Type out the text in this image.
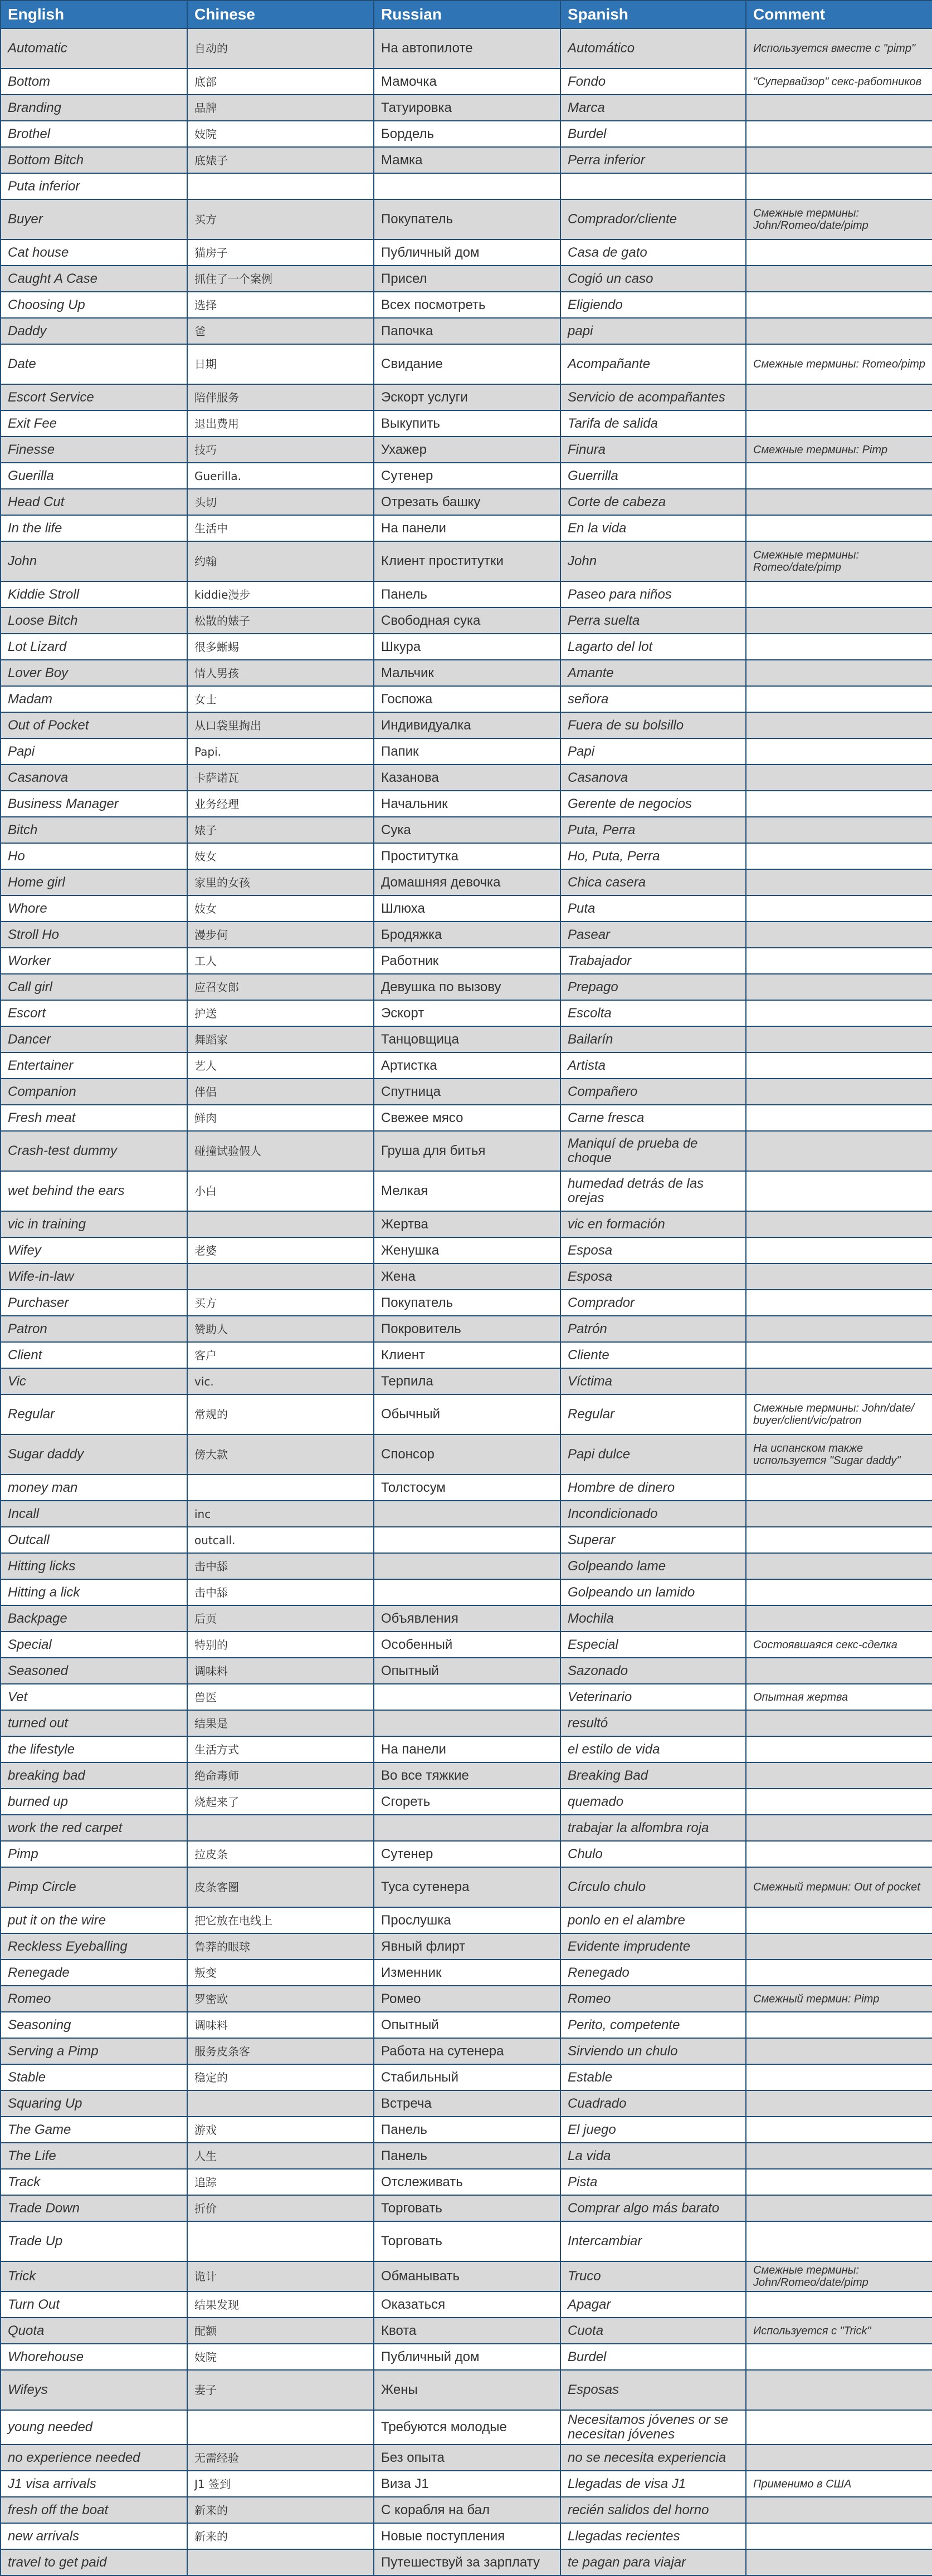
English	Chinese	Russian	Spanish	Comment
Automatic	自动的	На автопилоте	Automático	Используется вместе с "pimp"
Bottom	底部	Мамочка	Fondo	"Супервайзор" секс-работников
Branding	品牌	Татуировка	Marca	
Brothel	妓院	Бордель	Burdel	
Bottom Bitch	底婊子	Мамка	Perra inferior	
Puta inferior				
Buyer	买方	Покупатель	Comprador/cliente	Смежные термины: John/Romeo/date/pimp
Cat house	猫房子	Публичный дом	Casa de gato	
Caught A Case	抓住了一个案例	Присел	Cogió un caso	
Choosing Up	选择	Всех посмотреть	Eligiendo	
Daddy	爸	Папочка	papi	
Date	日期	Свидание	Acompañante	Смежные термины: Romeo/pimp
Escort Service	陪伴服务	Эскорт услуги	Servicio de acompañantes	
Exit Fee	退出费用	Выкупить	Tarifa de salida	
Finesse	技巧	Ухажер	Finura	Смежные термины: Pimp
Guerilla	Guerilla.	Сутенер	Guerrilla	
Head Cut	头切	Отрезать башку	Corte de cabeza	
In the life	生活中	На панели	En la vida	
John	约翰	Клиент проститутки	John	Смежные термины: Romeo/date/pimp
Kiddie Stroll	kiddie漫步	Панель	Paseo para niños	
Loose Bitch	松散的婊子	Свободная сука	Perra suelta	
Lot Lizard	很多蜥蜴	Шкура	Lagarto del lot	
Lover Boy	情人男孩	Мальчик	Amante	
Madam	女士	Госпожа	señora	
Out of Pocket	从口袋里掏出	Индивидуалка	Fuera de su bolsillo	
Papi	Papi.	Папик	Papi	
Casanova	卡萨诺瓦	Казанова	Casanova	
Business Manager	业务经理	Начальник	Gerente de negocios	
Bitch	婊子	Сука	Puta, Perra	
Ho	妓女	Проститутка	Ho, Puta, Perra	
Home girl	家里的女孩	Домашняя девочка	Chica casera	
Whore	妓女	Шлюха	Puta	
Stroll Ho	漫步何	Бродяжка	Pasear	
Worker	工人	Работник	Trabajador	
Call girl	应召女郎	Девушка по вызову	Prepago	
Escort	护送	Эскорт	Escolta	
Dancer	舞蹈家	Танцовщица	Bailarín	
Entertainer	艺人	Артистка	Artista	
Companion	伴侣	Спутница	Compañero	
Fresh meat	鲜肉	Свежее мясо	Carne fresca	
Crash-test dummy	碰撞试验假人	Груша для битья	Maniquí de prueba de choque	
wet behind the ears	小白	Мелкая	humedad detrás de las orejas	
vic in training		Жертва	vic en formación	
Wifey	老婆	Женушка	Esposa	
Wife-in-law		Жена	Esposa	
Purchaser	买方	Покупатель	Comprador	
Patron	赞助人	Покровитель	Patrón	
Client	客户	Клиент	Cliente	
Vic	vic.	Терпила	Víctima	
Regular	常规的	Обычный	Regular	Смежные термины: John/date/ buyer/client/vic/patron
Sugar daddy	傍大款	Спонсор	Papi dulce	На испанском также используется "Sugar daddy"
money man		Толстосум	Hombre de dinero	
Incall	inc		Incondicionado	
Outcall	outcall.		Superar	
Hitting licks	击中舔		Golpeando lame	
Hitting a lick	击中舔		Golpeando un lamido	
Backpage	后页	Объявления	Mochila	
Special	特别的	Особенный	Especial	Состоявшаяся секс-сделка
Seasoned	调味料	Опытный	Sazonado	
Vet	兽医		Veterinario	Опытная жертва
turned out	结果是		resultó	
the lifestyle	生活方式	На панели	el estilo de vida	
breaking bad	绝命毒师	Во все тяжкие	Breaking Bad	
burned up	烧起来了	Сгореть	quemado	
work the red carpet			trabajar la alfombra roja	
Pimp	拉皮条	Сутенер	Chulo	
Pimp Circle	皮条客圈	Туса сутенера	Círculo chulo	Смежный термин: Out of pocket
put it on the wire	把它放在电线上	Прослушка	ponlo en el alambre	
Reckless Eyeballing	鲁莽的眼球	Явный флирт	Evidente imprudente	
Renegade	叛变	Изменник	Renegado	
Romeo	罗密欧	Ромео	Romeo	Смежный термин: Pimp
Seasoning	调味料	Опытный	Perito, competente	
Serving a Pimp	服务皮条客	Работа на сутенера	Sirviendo un chulo	
Stable	稳定的	Стабильный	Estable	
Squaring Up		Встреча	Cuadrado	
The Game	游戏	Панель	El juego	
The Life	人生	Панель	La vida	
Track	追踪	Отслеживать	Pista	
Trade Down	折价	Торговать	Comprar algo más barato	
Trade Up		Торговать	Intercambiar	
Trick	诡计	Обманывать	Truco	Смежные термины: John/Romeo/date/pimp
Turn Out	结果发现	Оказаться	Apagar	
Quota	配额	Квота	Cuota	Используется с "Trick"
Whorehouse	妓院	Публичный дом	Burdel	
Wifeys	妻子	Жены	Esposas	
young needed		Требуются молодые	Necesitamos jóvenes or se necesitan jóvenes	
no experience needed	无需经验	Без опыта	no se necesita experiencia	
J1 visa arrivals	J1 签到	Виза J1	Llegadas de visa J1	Применимо в США
fresh off the boat	新来的	С корабля на бал	recién salidos del horno	
new arrivals	新来的	Новые поступления	Llegadas recientes	
travel to get paid		Путешествуй за зарплату	te pagan para viajar	
